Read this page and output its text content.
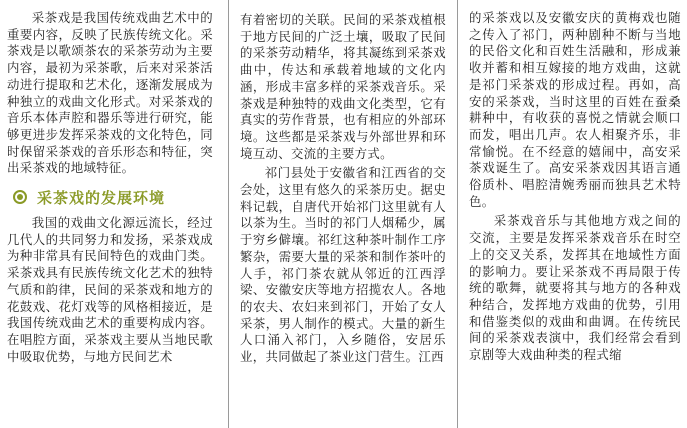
采茶戏是我国传统戏曲艺术中的重要内容，反映了民族传统文化。采茶戏是以歌颂茶农的采茶劳动为主要内容，最初为采茶歌，后来对采茶活动进行提取和艺术化，逐渐发展成为种独立的戏曲文化形式。对采茶戏的音乐本体声腔和器乐等进行研究，能够更进步发挥采茶戏的文化特色，同时保留采茶戏的音乐形态和特征，突出采茶戏的地域特征。

采茶戏的发展环境

我国的戏曲文化源远流长，经过几代人的共同努力和发扬，采茶戏成为种非常具有民间特色的戏曲门类。采茶戏具有民族传统文化艺术的独特气质和韵律，民间的采茶戏和地方的花鼓戏、花灯戏等的风格相接近，是我国传统戏曲艺术的重要构成内容。在唱腔方面，采茶戏主要从当地民歌中吸取优势，与地方民间艺术

有着密切的关联。民间的采茶戏植根于地方民间的广泛土壤，吸取了民间的采茶劳动精华，将其凝练到采茶戏曲中，传达和承载着地域的文化内涵，形成丰富多样的采茶戏音乐。采茶戏是种独特的戏曲文化类型，它有真实的劳作背景，也有相应的外部环境。这些都是采茶戏与外部世界和环境互动、交流的主要方式。

祁门县处于安徽省和江西省的交会处，这里有悠久的采茶历史。据史料记载，自唐代开始祁门这里就有人以茶为生。当时的祁门人烟稀少，属于穷乡僻壤。祁红这种茶叶制作工序繁杂，需要大量的采茶和制作茶叶的人手，祁门茶农就从邻近的江西浮梁、安徽安庆等地方招揽农人。各地的农夫、农妇来到祁门，开始了女人采茶，男人制作的模式。大量的新生人口涌入祁门，入乡随俗，安居乐业，共同做起了茶业这门营生。江西

的采茶戏以及安徽安庆的黄梅戏也随之传入了祁门，两种剧种不断与当地的民俗文化和百姓生活融和，形成兼收并蓄和相互嫁接的地方戏曲，这就是祁门采茶戏的形成过程。再如，高安的采茶戏，当时这里的百姓在蚕桑耕种中，有收获的喜悦之情就会顺口而发，唱出几声。农人相聚齐乐，非常愉悦。在不经意的嬉闹中，高安采茶戏诞生了。高安采茶戏因其语言通俗质朴、唱腔清婉秀丽而独具艺术特色。

采茶戏音乐与其他地方戏之间的交流，主要是发挥采茶戏音乐在时空上的交叉关系，发挥其在地域性方面的影响力。要让采茶戏不再局限于传统的歌舞，就要将其与地方的各种戏种结合，发挥地方戏曲的优势，引用和借鉴类似的戏曲和曲调。在传统民间的采茶戏表演中，我们经常会看到京剧等大戏曲种类的程式缩
